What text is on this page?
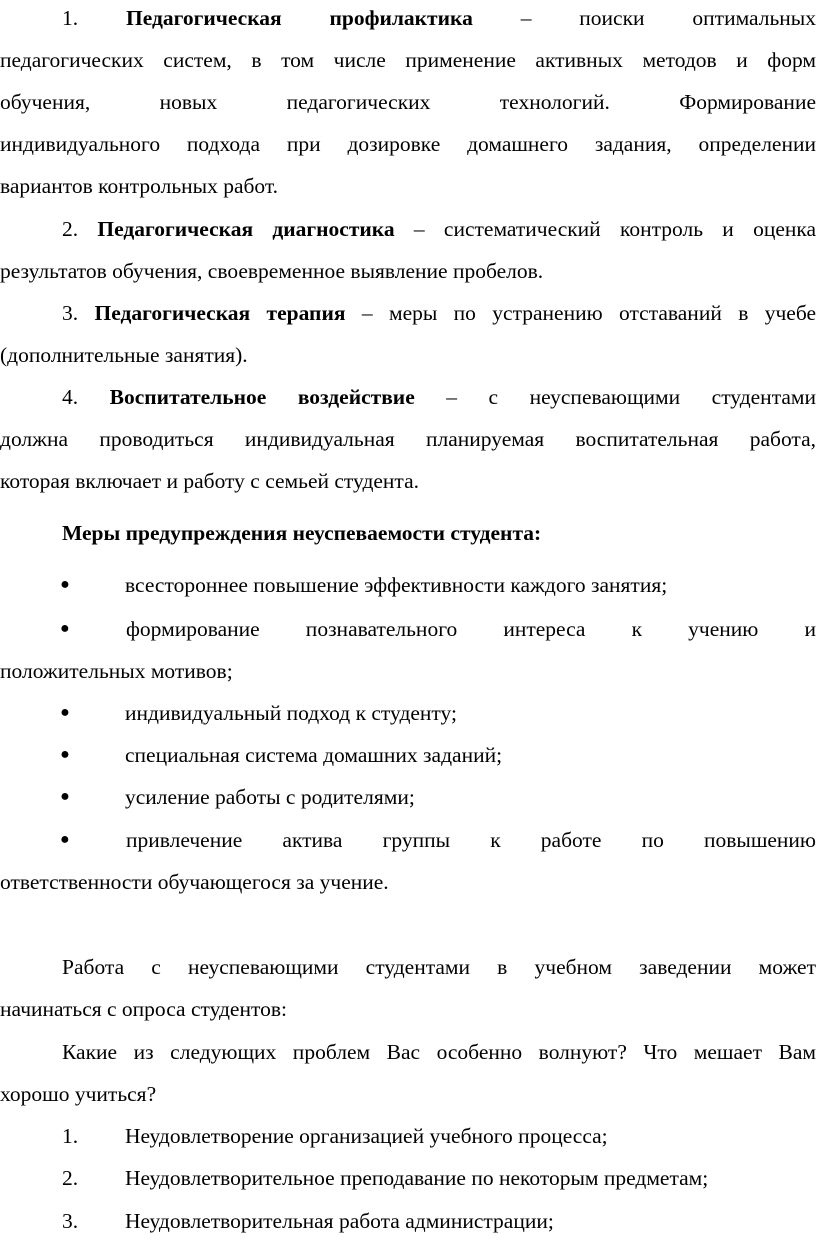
1. Педагогическая профилактика – поиски оптимальных
педагогических систем, в том числе применение активных методов и форм
обучения, новых педагогических технологий. Формирование
индивидуального подхода при дозировке домашнего задания, определении
вариантов контрольных работ.
2. Педагогическая диагностика – систематический контроль и оценка
результатов обучения, своевременное выявление пробелов.
3. Педагогическая терапия – меры по устранению отставаний в учебе
(дополнительные занятия).
4. Воспитательное воздействие – с неуспевающими студентами
должна проводиться индивидуальная планируемая воспитательная работа,
которая включает и работу с семьей студента.
Меры предупреждения неуспеваемости студента:
●	всестороннее повышение эффективности каждого занятия;
●	формирование познавательного интереса к учению и
положительных мотивов;
●	индивидуальный подход к студенту;
●	специальная система домашних заданий;
●	усиление работы с родителями;
●	привлечение актива группы к работе по повышению
ответственности обучающегося за учение.
Работа с неуспевающими студентами в учебном заведении может
начинаться с опроса студентов:
Какие из следующих проблем Вас особенно волнуют? Что мешает Вам
хорошо учиться?
1. Неудовлетворение организацией учебного процесса;
2. Неудовлетворительное преподавание по некоторым предметам;
3. Неудовлетворительная работа администрации;
